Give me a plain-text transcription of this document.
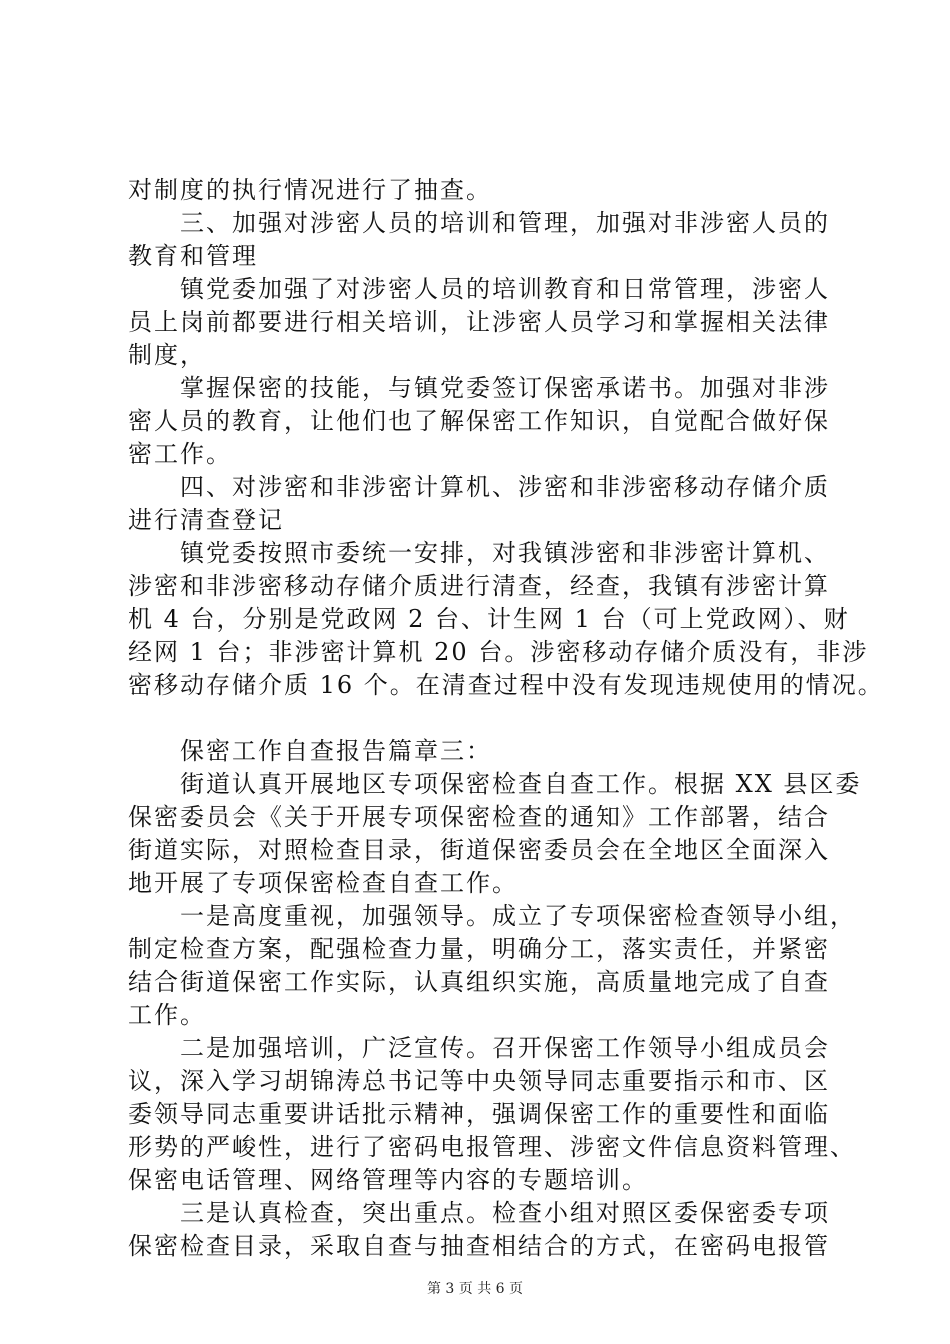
对制度的执行情况进行了抽查。
三、加强对涉密人员的培训和管理，加强对非涉密人员的
教育和管理
镇党委加强了对涉密人员的培训教育和日常管理，涉密人
员上岗前都要进行相关培训，让涉密人员学习和掌握相关法律
制度，
掌握保密的技能，与镇党委签订保密承诺书。加强对非涉
密人员的教育，让他们也了解保密工作知识，自觉配合做好保
密工作。
四、对涉密和非涉密计算机、涉密和非涉密移动存储介质
进行清查登记
镇党委按照市委统一安排，对我镇涉密和非涉密计算机、
涉密和非涉密移动存储介质进行清查，经查，我镇有涉密计算
机 4 台，分别是党政网 2 台、计生网 1 台（可上党政网）、财
经网 1 台；非涉密计算机 20 台。涉密移动存储介质没有，非涉
密移动存储介质 16 个。在清查过程中没有发现违规使用的情况。
保密工作自查报告篇章三：
街道认真开展地区专项保密检查自查工作。根据 XX 县区委
保密委员会《关于开展专项保密检查的通知》工作部署，结合
街道实际，对照检查目录，街道保密委员会在全地区全面深入
地开展了专项保密检查自查工作。
一是高度重视，加强领导。成立了专项保密检查领导小组，
制定检查方案，配强检查力量，明确分工，落实责任，并紧密
结合街道保密工作实际，认真组织实施，高质量地完成了自查
工作。
二是加强培训，广泛宣传。召开保密工作领导小组成员会
议，深入学习胡锦涛总书记等中央领导同志重要指示和市、区
委领导同志重要讲话批示精神，强调保密工作的重要性和面临
形势的严峻性，进行了密码电报管理、涉密文件信息资料管理、
保密电话管理、网络管理等内容的专题培训。
三是认真检查，突出重点。检查小组对照区委保密委专项
保密检查目录，采取自查与抽查相结合的方式，在密码电报管
第 3 页 共 6 页
